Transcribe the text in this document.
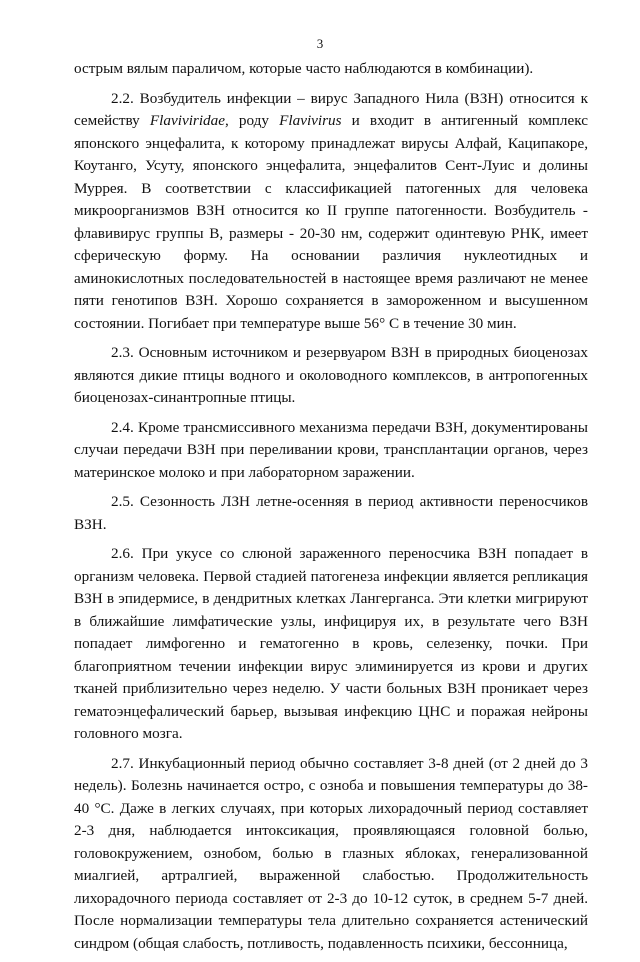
3

острым вялым параличом, которые часто наблюдаются в комбинации).

2.2. Возбудитель инфекции – вирус Западного Нила (ВЗН) относится к семейству Flaviviridae, роду Flavivirus и входит в антигенный комплекс японского энцефалита, к которому принадлежат вирусы Алфай, Каципакоре, Коутанго, Усуту, японского энцефалита, энцефалитов Сент-Луис и долины Муррея. В соответствии с классификацией патогенных для человека микроорганизмов ВЗН относится ко II группе патогенности. Возбудитель - флавивирус группы В, размеры - 20-30 нм, содержит одинтевую РНК, имеет сферическую форму. На основании различия нуклеотидных и аминокислотных последовательностей в настоящее время различают не менее пяти генотипов ВЗН. Хорошо сохраняется в замороженном и высушенном состоянии. Погибает при температуре выше 56° С в течение 30 мин.

2.3. Основным источником и резервуаром ВЗН в природных биоценозах являются дикие птицы водного и околоводного комплексов, в антропогенных биоценозах-синантропные птицы.

2.4. Кроме трансмиссивного механизма передачи ВЗН, документированы случаи передачи ВЗН при переливании крови, трансплантации органов, через материнское молоко и при лабораторном заражении.

2.5. Сезонность ЛЗН летне-осенняя в период активности переносчиков ВЗН.

2.6. При укусе со слюной зараженного переносчика ВЗН попадает в организм человека. Первой стадией патогенеза инфекции является репликация ВЗН в эпидермисе, в дендритных клетках Лангерганса. Эти клетки мигрируют в ближайшие лимфатические узлы, инфицируя их, в результате чего ВЗН попадает лимфогенно и гематогенно в кровь, селезенку, почки. При благоприятном течении инфекции вирус элиминируется из крови и других тканей приблизительно через неделю. У части больных ВЗН проникает через гематоэнцефалический барьер, вызывая инфекцию ЦНС и поражая нейроны головного мозга.

2.7. Инкубационный период обычно составляет 3-8 дней (от 2 дней до 3 недель). Болезнь начинается остро, с озноба и повышения температуры до 38-40 °С. Даже в легких случаях, при которых лихорадочный период составляет 2-3 дня, наблюдается интоксикация, проявляющаяся головной болью, головокружением, ознобом, болью в глазных яблоках, генерализованной миалгией, артралгией, выраженной слабостью. Продолжительность лихорадочного периода составляет от 2-3 до 10-12 суток, в среднем 5-7 дней. После нормализации температуры тела длительно сохраняется астенический синдром (общая слабость, потливость, подавленность психики, бессонница,
